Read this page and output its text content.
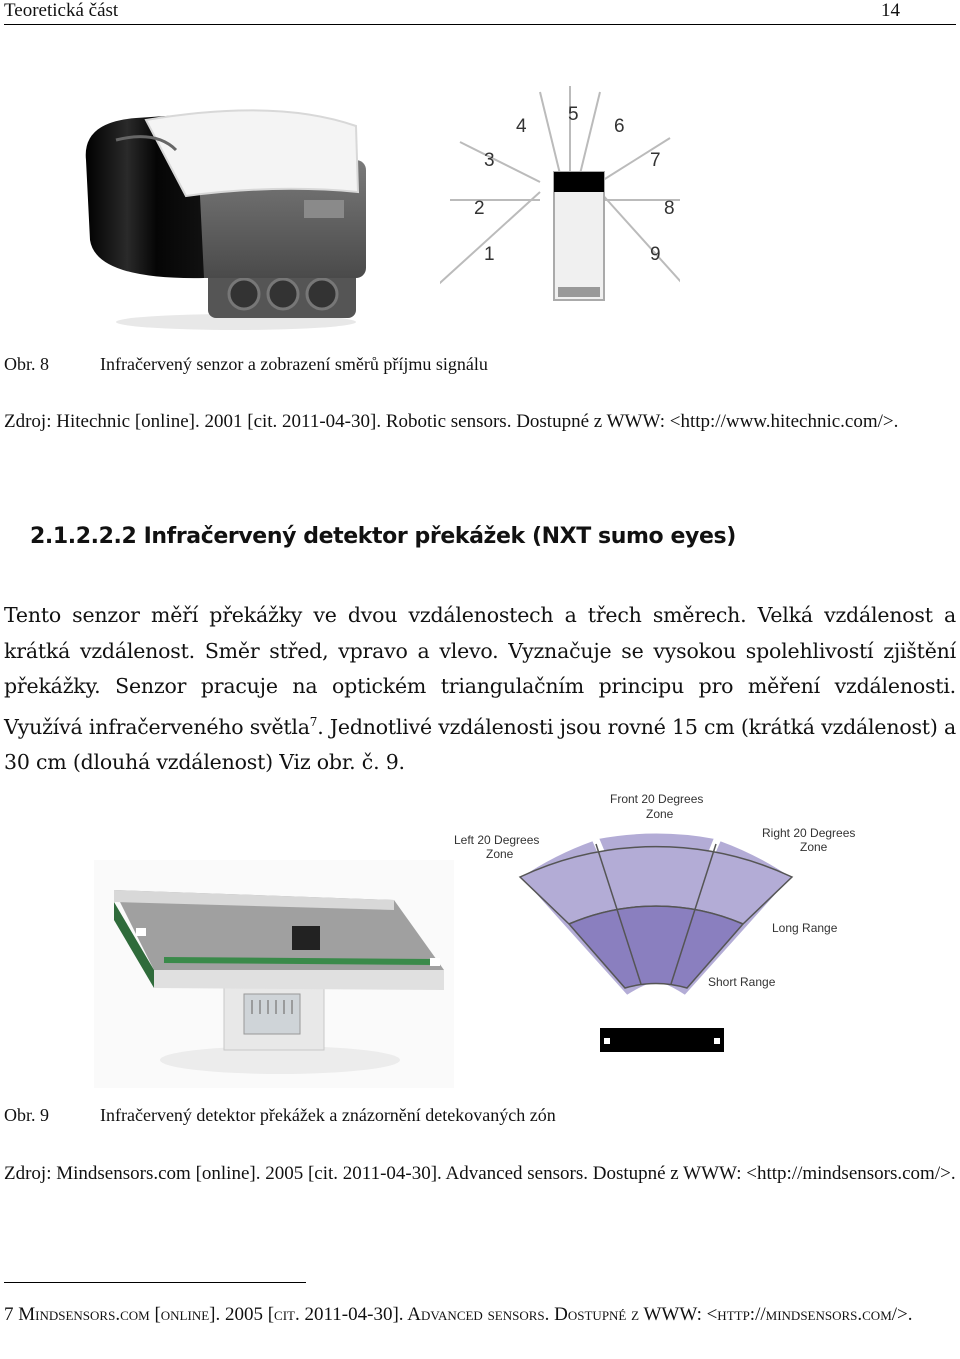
Teoretická část	14
1
2
3
4
5
6
7
8
9
Obr. 8	Infračervený senzor a zobrazení směrů příjmu signálu
Zdroj: Hitechnic [online]. 2001 [cit. 2011-04-30]. Robotic sensors. Dostupné z WWW: <http://www.hitechnic.com/>.
2.1.2.2.2 Infračervený detektor překážek (NXT sumo eyes)
Tento senzor měří překážky ve dvou vzdálenostech a třech směrech. Velká vzdálenost a krátká vzdálenost. Směr střed, vpravo a vlevo. Vyznačuje se vysokou spolehlivostí zjištění překážky. Senzor pracuje na optickém triangulačním principu pro měření vzdálenosti. Využívá infračerveného světla$^7$. Jednotlivé vzdálenosti jsou rovné 15 cm (krátká vzdálenost) a 30 cm (dlouhá vzdálenost) Viz obr. č. 9.
Front 20 Degrees
Zone
Left 20 Degrees
Zone
Right 20 Degrees
Zone
Long Range
Short Range
Obr. 9	Infračervený detektor překážek a znázornění detekovaných zón
Zdroj: Mindsensors.com [online]. 2005 [cit. 2011-04-30]. Advanced sensors. Dostupné z WWW: <http://mindsensors.com/>.
7 Mindsensors.com [online]. 2005 [cit. 2011-04-30]. Advanced sensors. Dostupné z WWW: <http://mindsensors.com/>.
